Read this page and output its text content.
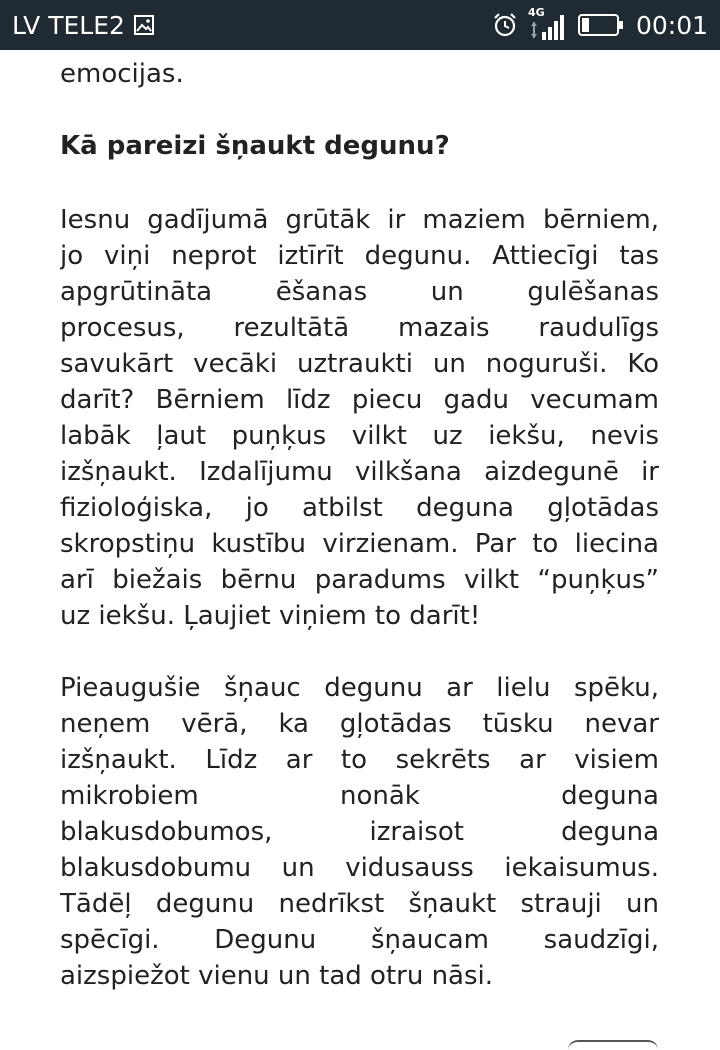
LV TELE2	4G	00:01
emocijas.
Kā pareizi šņaukt degunu?
Iesnu gadījumā grūtāk ir maziem bērniem,
jo viņi neprot iztīrīt degunu. Attiecīgi tas
apgrūtināta ēšanas un gulēšanas
procesus, rezultātā mazais raudulīgs
savukārt vecāki uztraukti un noguruši. Ko
darīt? Bērniem līdz piecu gadu vecumam
labāk ļaut puņķus vilkt uz iekšu, nevis
izšņaukt. Izdalījumu vilkšana aizdegunē ir
fizioloģiska, jo atbilst deguna gļotādas
skropstiņu kustību virzienam. Par to liecina
arī biežais bērnu paradums vilkt “puņķus”
uz iekšu. Ļaujiet viņiem to darīt!
Pieaugušie šņauc degunu ar lielu spēku,
neņem vērā, ka gļotādas tūsku nevar
izšņaukt. Līdz ar to sekrēts ar visiem
mikrobiem nonāk deguna
blakusdobumos, izraisot deguna
blakusdobumu un vidusauss iekaisumus.
Tādēļ degunu nedrīkst šņaukt strauji un
spēcīgi. Degunu šņaucam saudzīgi,
aizspiežot vienu un tad otru nāsi.
